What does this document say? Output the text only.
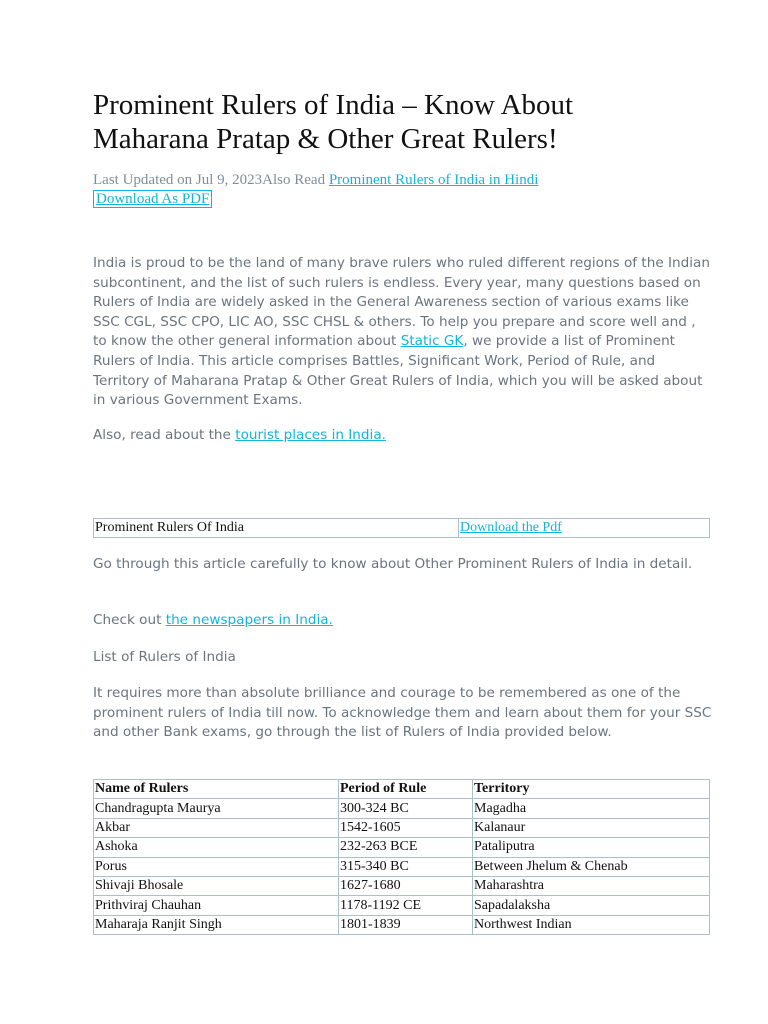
Prominent Rulers of India – Know About Maharana Pratap & Other Great Rulers!
Last Updated on Jul 9, 2023Also Read Prominent Rulers of India in Hindi
Download As PDF

India is proud to be the land of many brave rulers who ruled different regions of the Indian subcontinent, and the list of such rulers is endless. Every year, many questions based on Rulers of India are widely asked in the General Awareness section of various exams like SSC CGL, SSC CPO, LIC AO, SSC CHSL & others. To help you prepare and score well and , to know the other general information about Static GK, we provide a list of Prominent Rulers of India. This article comprises Battles, Significant Work, Period of Rule, and Territory of Maharana Pratap & Other Great Rulers of India, which you will be asked about in various Government Exams.

Also, read about the tourist places in India.

Prominent Rulers Of India	Download the Pdf

Go through this article carefully to know about Other Prominent Rulers of India in detail.

Check out the newspapers in India.

List of Rulers of India

It requires more than absolute brilliance and courage to be remembered as one of the prominent rulers of India till now. To acknowledge them and learn about them for your SSC and other Bank exams, go through the list of Rulers of India provided below.

Name of Rulers	Period of Rule	Territory
Chandragupta Maurya	300-324 BC	Magadha
Akbar	1542-1605	Kalanaur
Ashoka	232-263 BCE	Pataliputra
Porus	315-340 BC	Between Jhelum & Chenab
Shivaji Bhosale	1627-1680	Maharashtra
Prithviraj Chauhan	1178-1192 CE	Sapadalaksha
Maharaja Ranjit Singh	1801-1839	Northwest Indian
